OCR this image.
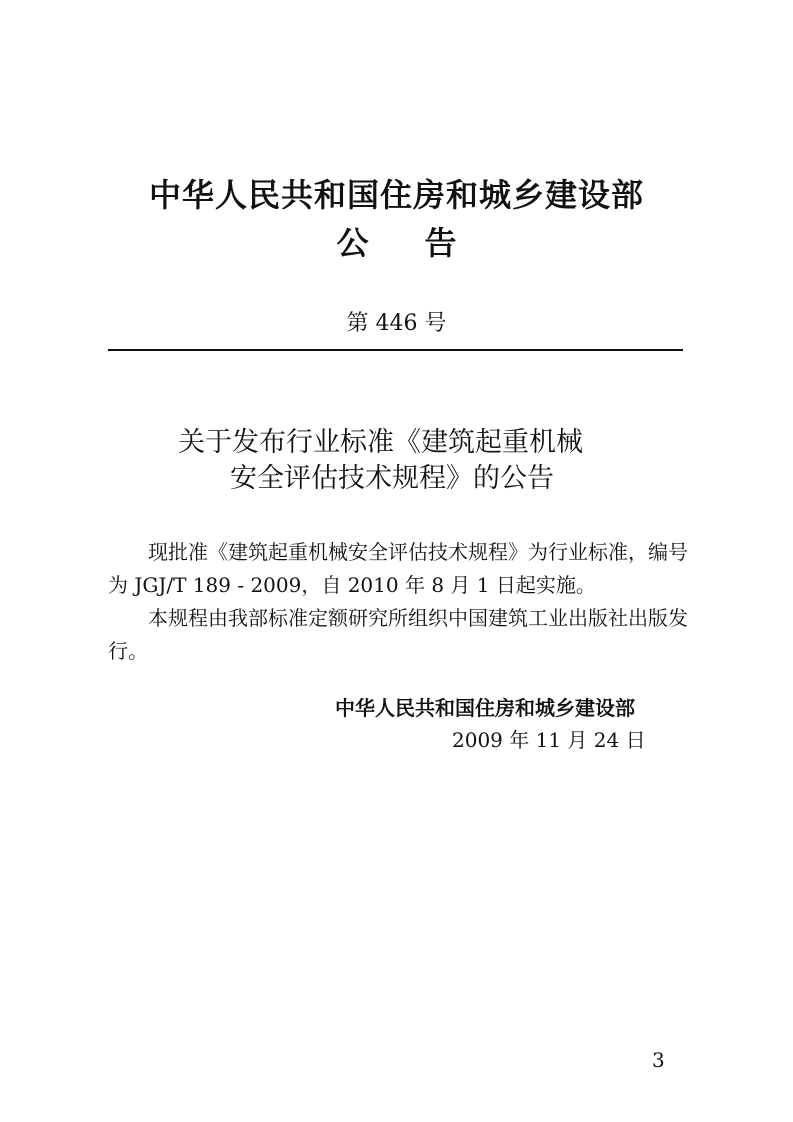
中华人民共和国住房和城乡建设部
公 告
第 446 号
关于发布行业标准《建筑起重机械
安全评估技术规程》的公告

现批准《建筑起重机械安全评估技术规程》为行业标准，编号为 JGJ/T 189 - 2009，自 2010 年 8 月 1 日起实施。

本规程由我部标准定额研究所组织中国建筑工业出版社出版发行。

中华人民共和国住房和城乡建设部
2009 年 11 月 24 日
3
